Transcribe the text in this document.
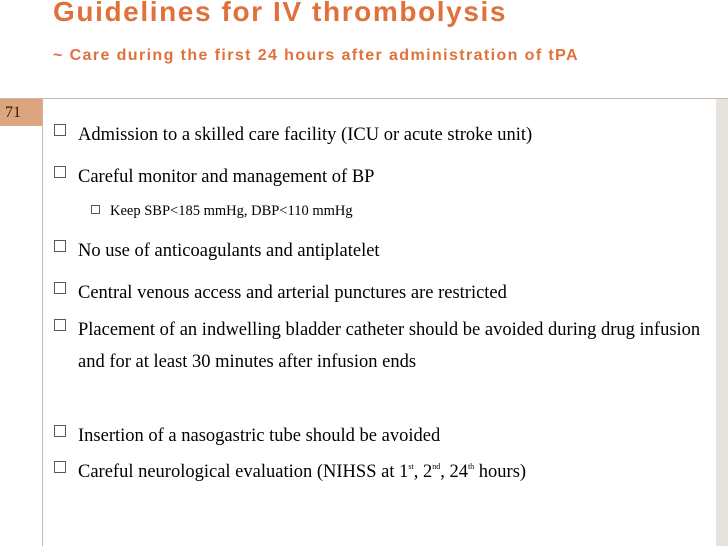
Guidelines for IV thrombolysis
~ Care during the first 24 hours after administration of tPA
71
Admission to a skilled care facility (ICU or acute stroke unit)
Careful monitor and management of BP
Keep SBP<185 mmHg, DBP<110 mmHg
No use of anticoagulants and antiplatelet
Central venous access and arterial punctures are restricted
Placement of an indwelling bladder catheter should be avoided during drug infusion and for at least 30 minutes after infusion ends
Insertion of a nasogastric tube should be avoided
Careful neurological evaluation (NIHSS at 1st, 2nd, 24th hours)
